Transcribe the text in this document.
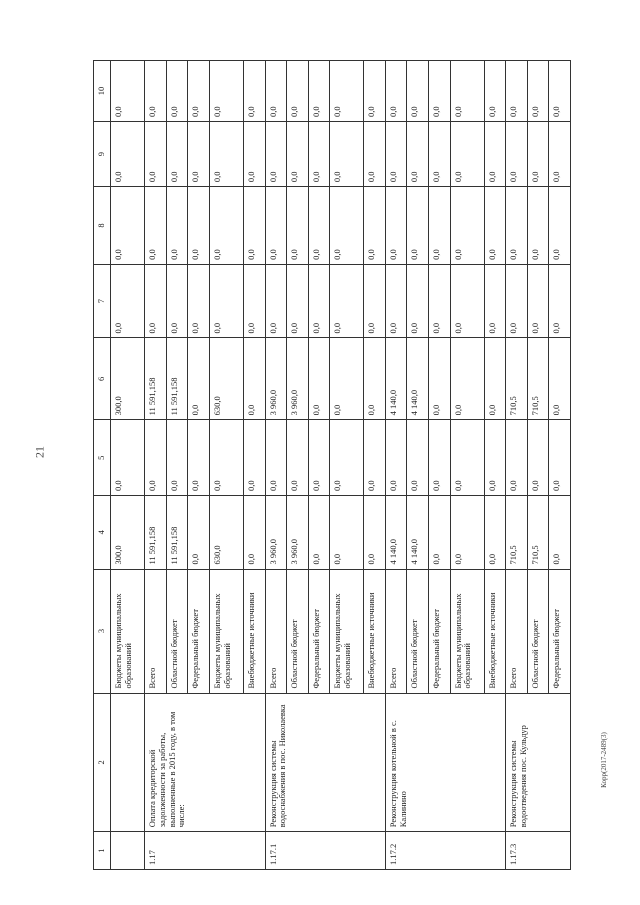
21
Корр(2017-2489(3)
1	2	3	4	5	6	7	8	9	10
		Бюджеты муниципальных образований	300,0	0,0	300,0	0,0	0,0	0,0	0,0
1.17	Оплата кредиторской задолженности за работы, выполненные в 2015 году, в том числе:	Всего	11 591,158	0,0	11 591,158	0,0	0,0	0,0	0,0
		Областной бюджет	11 591,158	0,0	11 591,158	0,0	0,0	0,0	0,0
		Федеральный бюджет	0,0	0,0	0,0	0,0	0,0	0,0	0,0
		Бюджеты муниципальных образований	630,0	0,0	630,0	0,0	0,0	0,0	0,0
		Внебюджетные источники	0,0	0,0	0,0	0,0	0,0	0,0	0,0
1.17.1	Реконструкция системы водоснабжения в пос. Николаевка	Всего	3 960,0	0,0	3 960,0	0,0	0,0	0,0	0,0
		Областной бюджет	3 960,0	0,0	3 960,0	0,0	0,0	0,0	0,0
		Федеральный бюджет	0,0	0,0	0,0	0,0	0,0	0,0	0,0
		Бюджеты муниципальных образований	0,0	0,0	0,0	0,0	0,0	0,0	0,0
		Внебюджетные источники	0,0	0,0	0,0	0,0	0,0	0,0	0,0
1.17.2	Реконструкция котельной в с. Калинино	Всего	4 140,0	0,0	4 140,0	0,0	0,0	0,0	0,0
		Областной бюджет	4 140,0	0,0	4 140,0	0,0	0,0	0,0	0,0
		Федеральный бюджет	0,0	0,0	0,0	0,0	0,0	0,0	0,0
		Бюджеты муниципальных образований	0,0	0,0	0,0	0,0	0,0	0,0	0,0
		Внебюджетные источники	0,0	0,0	0,0	0,0	0,0	0,0	0,0
1.17.3	Реконструкция системы водоотведения пос. Кульдур	Всего	710,5	0,0	710,5	0,0	0,0	0,0	0,0
		Областной бюджет	710,5	0,0	710,5	0,0	0,0	0,0	0,0
		Федеральный бюджет	0,0	0,0	0,0	0,0	0,0	0,0	0,0
